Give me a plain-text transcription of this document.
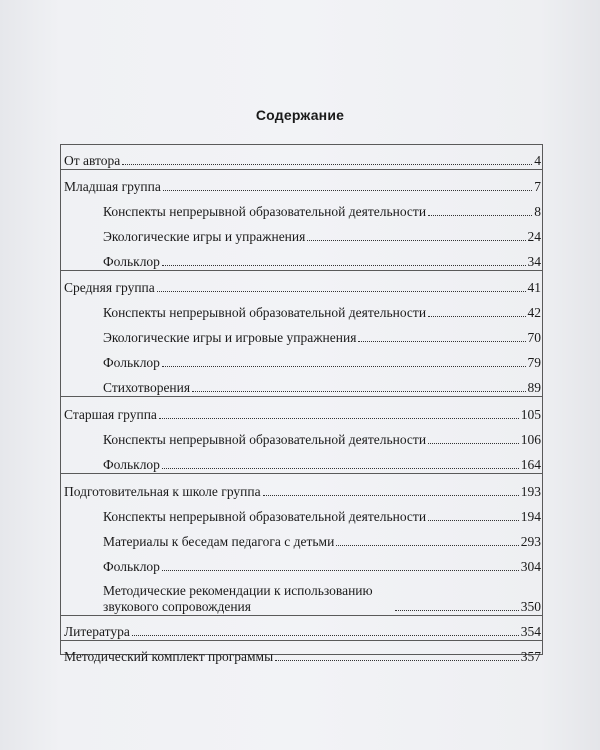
Содержание
От автора	4
Младшая группа	7
Конспекты непрерывной образовательной деятельности	8
Экологические игры и упражнения	24
Фольклор	34
Средняя группа	41
Конспекты непрерывной образовательной деятельности	42
Экологические игры и игровые упражнения	70
Фольклор	79
Стихотворения	89
Старшая группа	105
Конспекты непрерывной образовательной деятельности	106
Фольклор	164
Подготовительная к школе группа	193
Конспекты непрерывной образовательной деятельности	194
Материалы к беседам педагога с детьми	293
Фольклор	304
Методические рекомендации к использованию звукового сопровождения	350
Литература	354
Методический комплект программы	357
